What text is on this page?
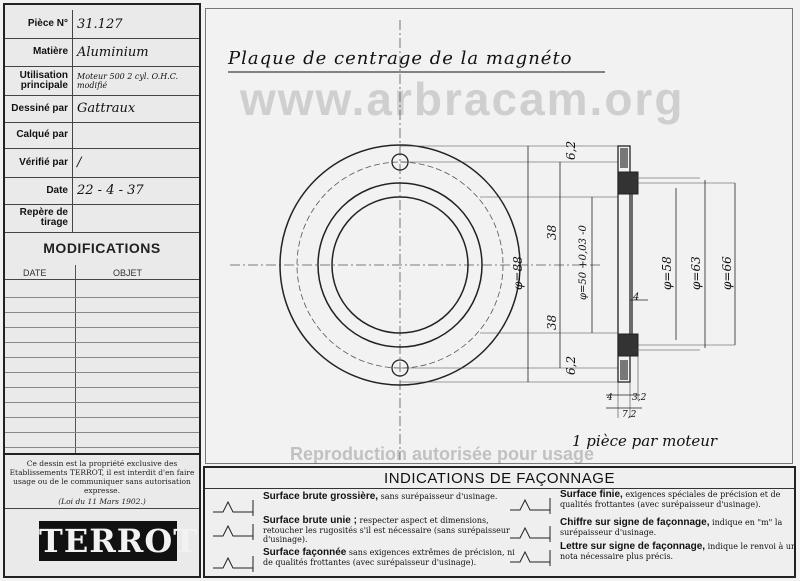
Pièce N° 31.127
Matière Aluminium
Utilisation principale
Moteur 500 2 cyl. O.H.C. modifié
Dessiné par Gattraux
Calqué par
Vérifié par /
Date 22 - 4 - 37
Repère de tirage
MODIFICATIONS
DATE	OBJET
Ce dessin est la propriété exclusive des Etablissements TERROT, il est interdit d'en faire usage ou de le communiquer sans autorisation expresse.
(Loi du 11 Mars 1902.)
TERROT
www.arbracam.org
Reproduction autorisée pour usage
6,2
38
38
6,2
φ=88	φ=50 +0,03 -0	4
φ=58 φ=63 φ=66
4 3,2
7,2
Plaque de centrage de la magnéto
1 pièce par moteur
INDICATIONS DE FAÇONNAGE
Surface brute grossière, sans surépaisseur d'usinage.
Surface brute unie ; respecter aspect et dimensions, retoucher les rugosités s'il est nécessaire (sans surépaisseur d'usinage).
Surface façonnée sans exigences extrêmes de précision, ni de qualités frottantes (avec surépaisseur d'usinage).
Surface finie, exigences spéciales de précision et de qualités frottantes (avec surépaisseur d'usinage).
Chiffre sur signe de façonnage, indique en "m" la surépaisseur d'usinage.
Lettre sur signe de façonnage, indique le renvoi à un nota nécessaire plus précis.
